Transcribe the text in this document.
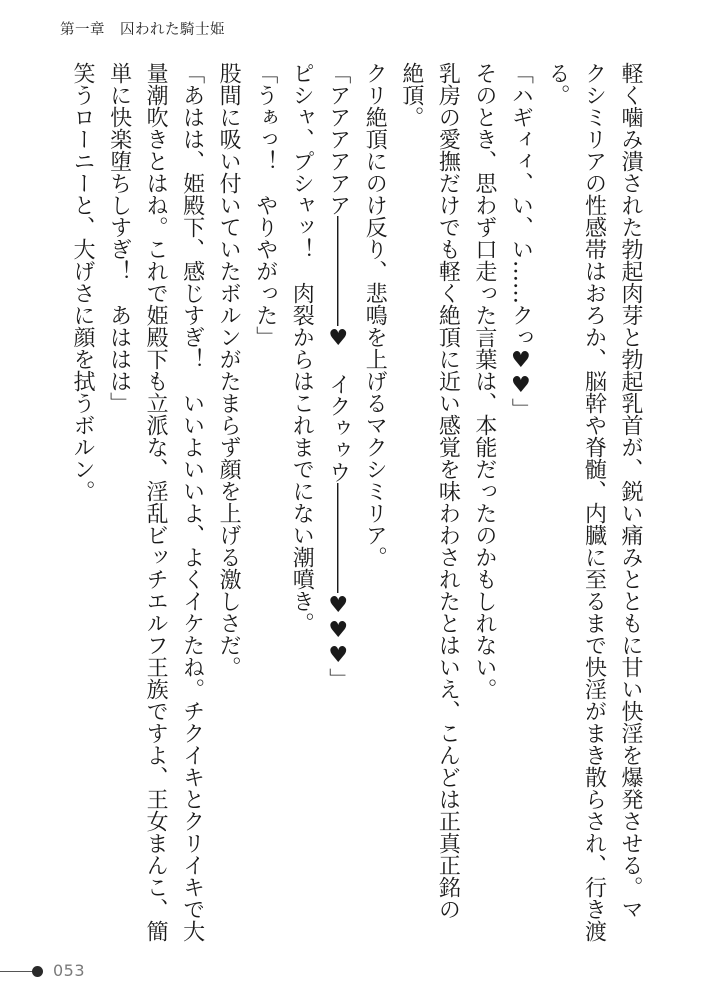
第一章　囚われた騎士姫

軽く噛み潰された勃起肉芽と勃起乳首が、鋭い痛みとともに甘い快淫を爆発させる。マ

クシミリアの性感帯はおろか、脳幹や脊髄、内臓に至るまで快淫がまき散らされ、行き渡

る。

「ハギィィ、い、い……クっ♥♥」

そのとき、思わず口走った言葉は、本能だったのかもしれない。

乳房の愛撫だけでも軽く絶頂に近い感覚を味わわされたとはいえ、こんどは正真正銘の

絶頂。

クリ絶頂にのけ反り、悲鳴を上げるマクシミリア。

「アアアアアア―――――♥　イクゥゥウ―――――♥♥♥」

ピシャ、プシャッ！　肉裂からはこれまでにない潮噴き。

「うぁっ！　やりやがった」

股間に吸い付いていたボルンがたまらず顔を上げる激しさだ。

「あはは、姫殿下、感じすぎ！　いいよいいよ、よくイケたね。チクイキとクリイキで大

量潮吹きとはね。これで姫殿下も立派な、淫乱ビッチエルフ王族ですよ、王女まんこ、簡

単に快楽堕ちしすぎ！　あははは」

笑うローニーと、大げさに顔を拭うボルン。

053
